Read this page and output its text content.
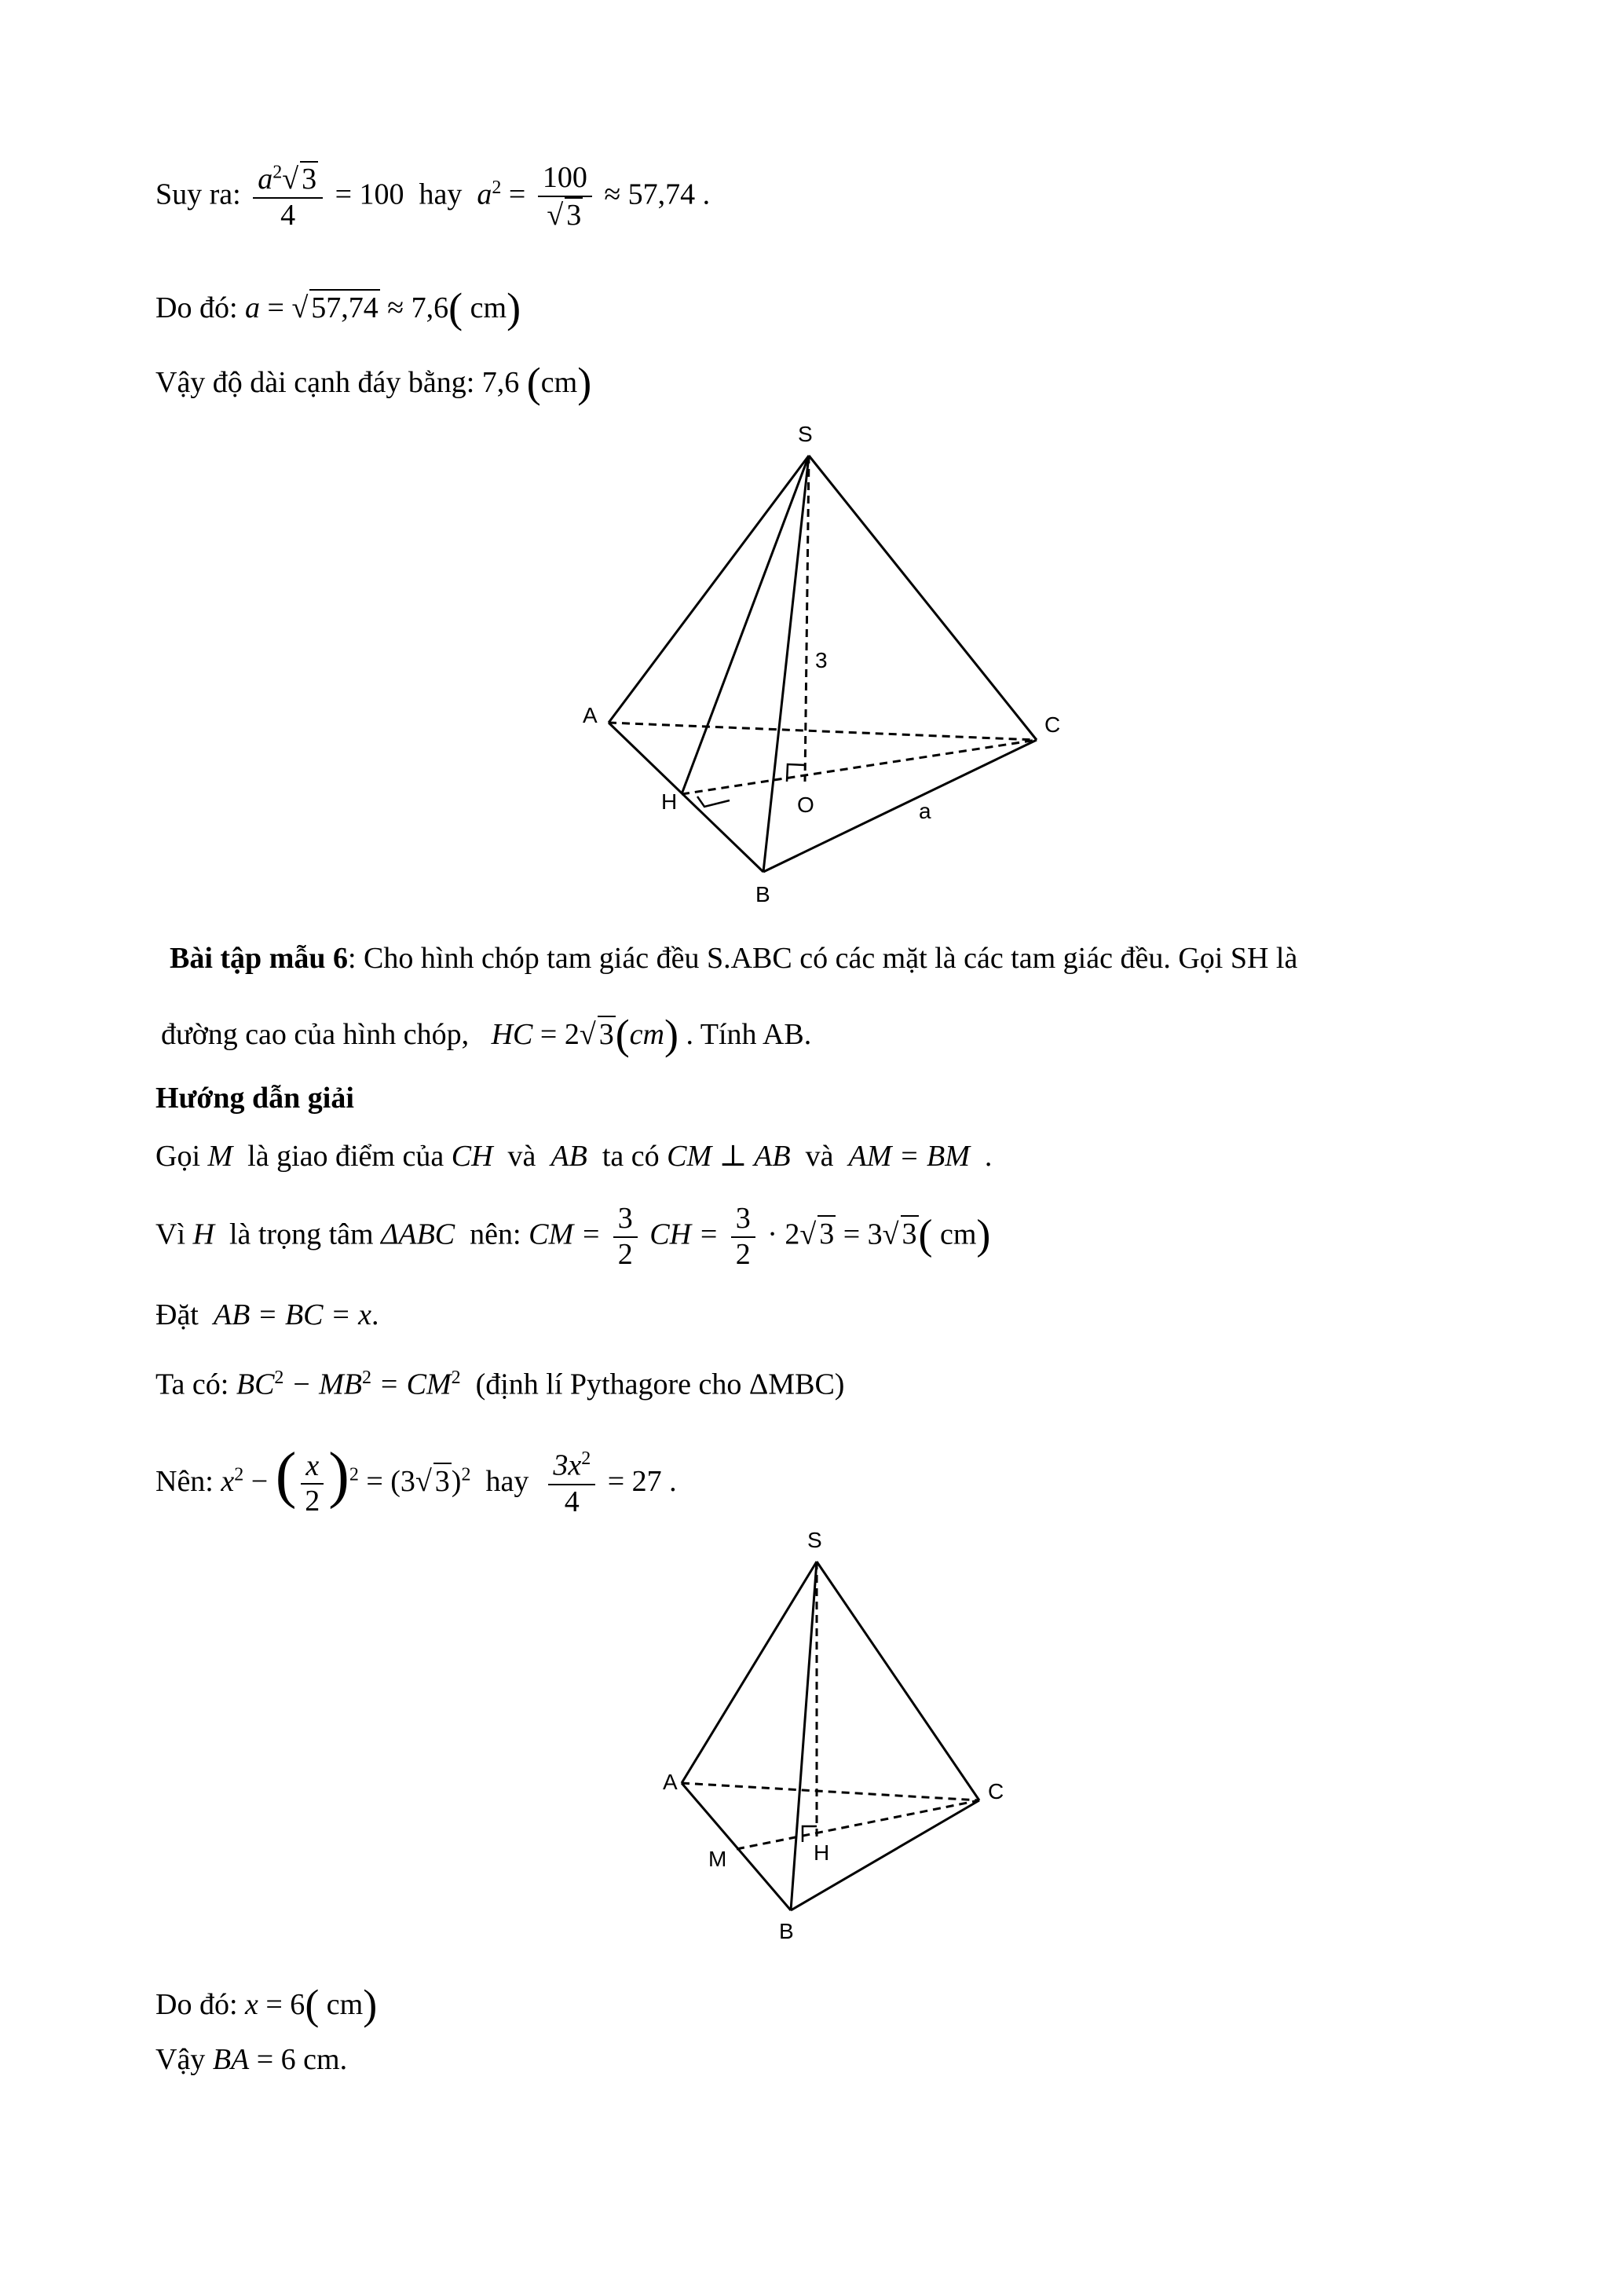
Suy ra: $\frac{a^2√ 3}{4} = 100$ hay $a^2 = \frac{100}{√ 3} \approx 57,74$ .
Do đó: a = √ 57,74 ≈ 7,6( cm)
Vậy độ dài cạnh đáy bằng: 7,6 (cm)
S
A
B
C
H	O
3
a
Bài tập mẫu 6: Cho hình chóp tam giác đều S.ABC có các mặt là các tam giác đều. Gọi SH là
đường cao của hình chóp, HC = 2√ 3(cm) . Tính AB.
Hướng dẫn giải
Gọi M là giao điểm của CH và AB ta có CM ⊥ AB và AM = BM .
Vì H là trọng tâm ΔABC nên: CM = $\frac{3}{2}$ CH = $\frac{3}{2} \cdot 2√$ 3 = 3√ 3( cm)
Đặt AB = BC = x.
Ta có: $BC^2 - MB^2 = CM^2$ (định lí Pythagore cho ΔMBC)
Nên: $x^2$ − ( $\frac{x}{2} )^2 = (3√$ 3)$^2$ hay $\frac{3x^2}{4} = 27$ .
S
A
B
C
M	H
Do đó: x = 6( cm)
Vậy BA = 6 cm.
